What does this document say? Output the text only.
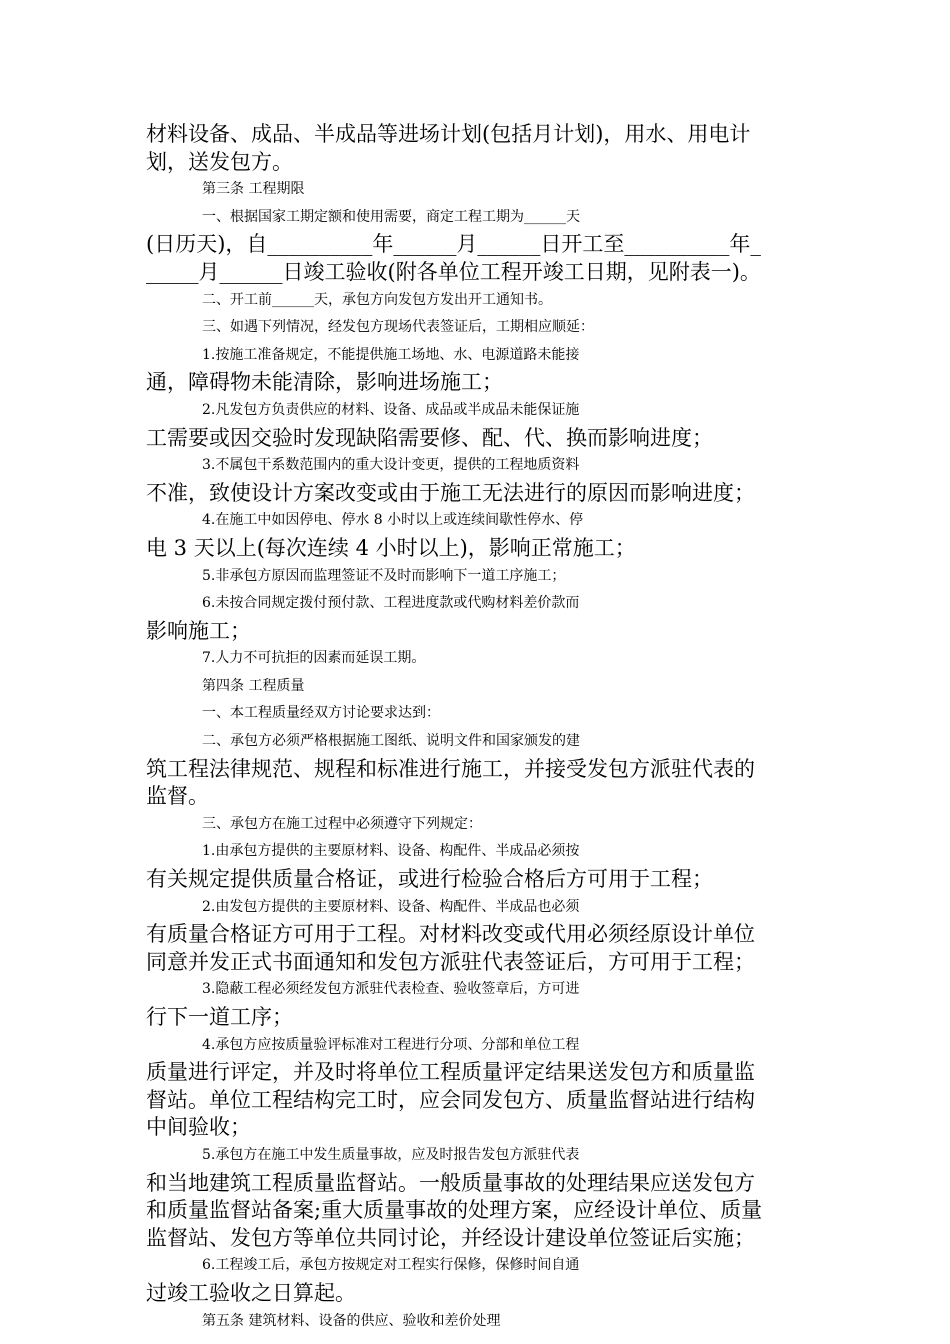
材料设备、成品、半成品等进场计划(包括月计划)，用水、用电计
划，送发包方。
第三条 工程期限
一、根据国家工期定额和使用需要，商定工程工期为______天
(日历天)，自__________年______月______日开工至__________年_
_____月______日竣工验收(附各单位工程开竣工日期，见附表一)。
二、开工前______天，承包方向发包方发出开工通知书。
三、如遇下列情况，经发包方现场代表签证后，工期相应顺延：
1.按施工准备规定，不能提供施工场地、水、电源道路未能接
通，障碍物未能清除，影响进场施工；
2.凡发包方负责供应的材料、设备、成品或半成品未能保证施
工需要或因交验时发现缺陷需要修、配、代、换而影响进度；
3.不属包干系数范围内的重大设计变更，提供的工程地质资料
不准，致使设计方案改变或由于施工无法进行的原因而影响进度；
4.在施工中如因停电、停水 8 小时以上或连续间歇性停水、停
电 3 天以上(每次连续 4 小时以上)，影响正常施工；
5.非承包方原因而监理签证不及时而影响下一道工序施工；
6.未按合同规定拨付预付款、工程进度款或代购材料差价款而
影响施工；
7.人力不可抗拒的因素而延误工期。
第四条 工程质量
一、本工程质量经双方讨论要求达到：
二、承包方必须严格根据施工图纸、说明文件和国家颁发的建
筑工程法律规范、规程和标准进行施工，并接受发包方派驻代表的
监督。
三、承包方在施工过程中必须遵守下列规定：
1.由承包方提供的主要原材料、设备、构配件、半成品必须按
有关规定提供质量合格证，或进行检验合格后方可用于工程；
2.由发包方提供的主要原材料、设备、构配件、半成品也必须
有质量合格证方可用于工程。对材料改变或代用必须经原设计单位
同意并发正式书面通知和发包方派驻代表签证后，方可用于工程；
3.隐蔽工程必须经发包方派驻代表检查、验收签章后，方可进
行下一道工序；
4.承包方应按质量验评标准对工程进行分项、分部和单位工程
质量进行评定，并及时将单位工程质量评定结果送发包方和质量监
督站。单位工程结构完工时，应会同发包方、质量监督站进行结构
中间验收；
5.承包方在施工中发生质量事故，应及时报告发包方派驻代表
和当地建筑工程质量监督站。一般质量事故的处理结果应送发包方
和质量监督站备案;重大质量事故的处理方案，应经设计单位、质量
监督站、发包方等单位共同讨论，并经设计建设单位签证后实施；
6.工程竣工后，承包方按规定对工程实行保修，保修时间自通
过竣工验收之日算起。
第五条 建筑材料、设备的供应、验收和差价处理
